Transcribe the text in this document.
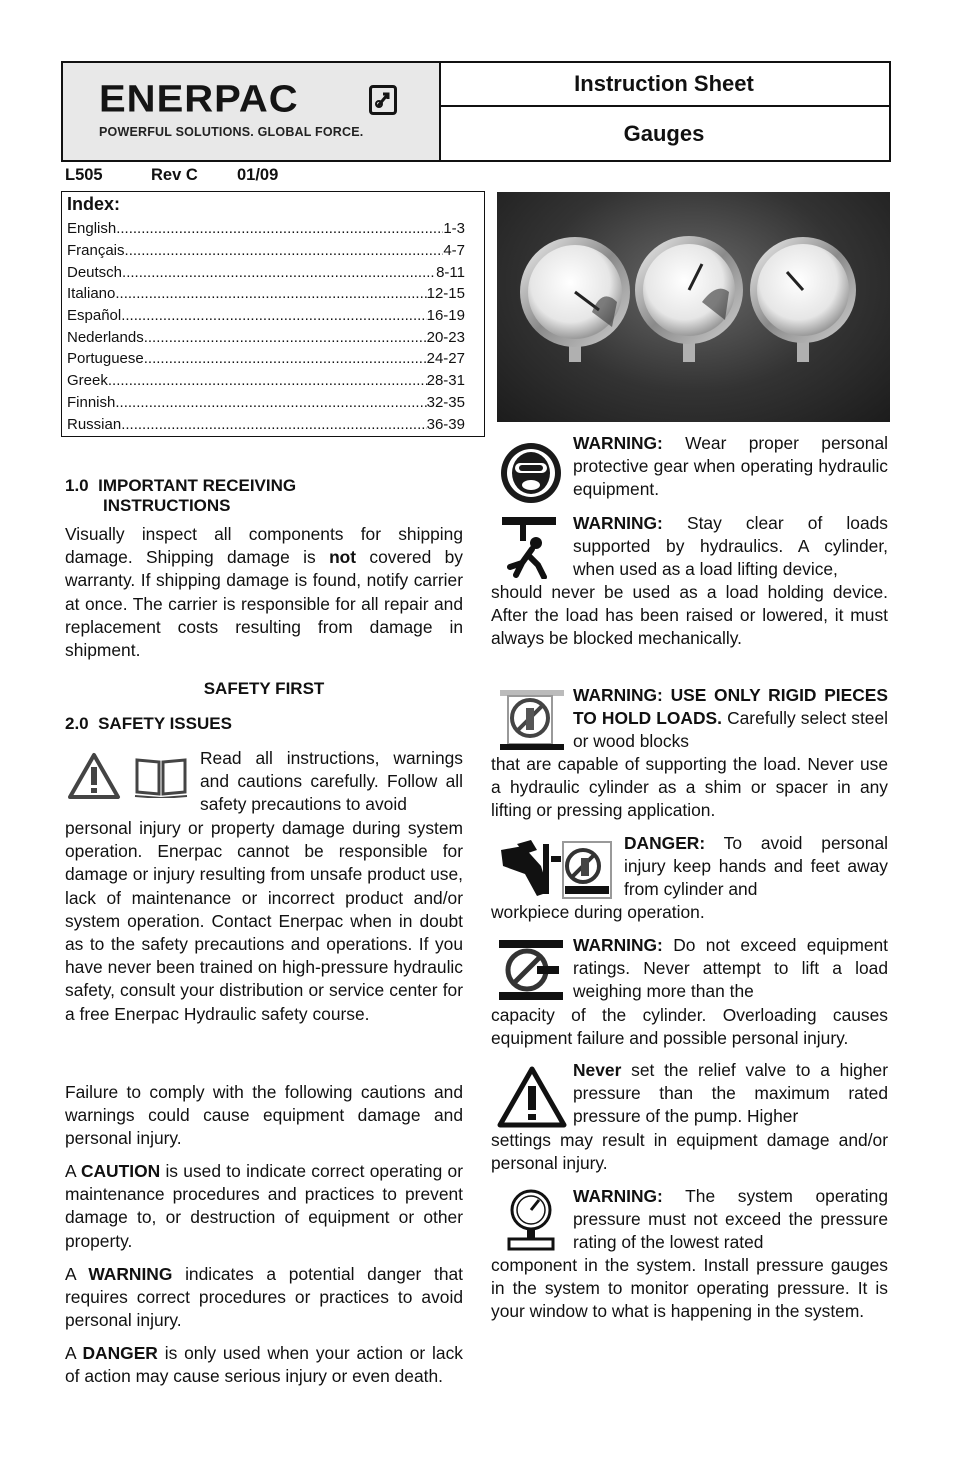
ENERPAC
POWERFUL SOLUTIONS. GLOBAL FORCE.
Instruction Sheet
Gauges
L505	Rev C 01/09
Index:
English .....	1-3
Français .....	4-7
Deutsch .....	8-11
Italiano .....	12-15
Español .....	16-19
Nederlands .....	20-23
Portuguese .....	24-27
Greek .....	28-31
Finnish .....	32-35
Russian .....	36-39
1.0 IMPORTANT RECEIVING
INSTRUCTIONS

Visually inspect all components for shipping damage. Shipping damage is not covered by warranty. If shipping damage is found, notify carrier at once. The carrier is responsible for all repair and replacement costs resulting from damage in shipment.

SAFETY FIRST
2.0 SAFETY ISSUES

Read all instructions, warnings and cautions carefully. Follow all safety precautions to avoid

personal injury or property damage during system operation. Enerpac cannot be responsible for damage or injury resulting from unsafe product use, lack of maintenance or incorrect product and/or system operation. Contact Enerpac when in doubt as to the safety precautions and operations. If you have never been trained on high-pressure hydraulic safety, consult your distribution or service center for a free Enerpac Hydraulic safety course.

Failure to comply with the following cautions and warnings could cause equipment damage and personal injury.

A CAUTION is used to indicate correct operating or maintenance procedures and practices to prevent damage to, or destruction of equipment or other property.

A WARNING indicates a potential danger that requires correct procedures or practices to avoid personal injury.

A DANGER is only used when your action or lack of action may cause serious injury or even death.

WARNING: Wear proper personal protective gear when operating hydraulic equipment.

WARNING: Stay clear of loads supported by hydraulics. A cylinder, when used as a load lifting device,

should never be used as a load holding device. After the load has been raised or lowered, it must always be blocked mechanically.

WARNING: USE ONLY RIGID PIECES TO HOLD LOADS. Carefully select steel or wood blocks

that are capable of supporting the load. Never use a hydraulic cylinder as a shim or spacer in any lifting or pressing application.

DANGER: To avoid personal injury keep hands and feet away from cylinder and

workpiece during operation.

WARNING: Do not exceed equipment ratings. Never attempt to lift a load weighing more than the

capacity of the cylinder. Overloading causes equipment failure and possible personal injury.

Never set the relief valve to a higher pressure than the maximum rated pressure of the pump. Higher

settings may result in equipment damage and/or personal injury.

WARNING: The system operating pressure must not exceed the pressure rating of the lowest rated

component in the system. Install pressure gauges in the system to monitor operating pressure. It is your window to what is happening in the system.
